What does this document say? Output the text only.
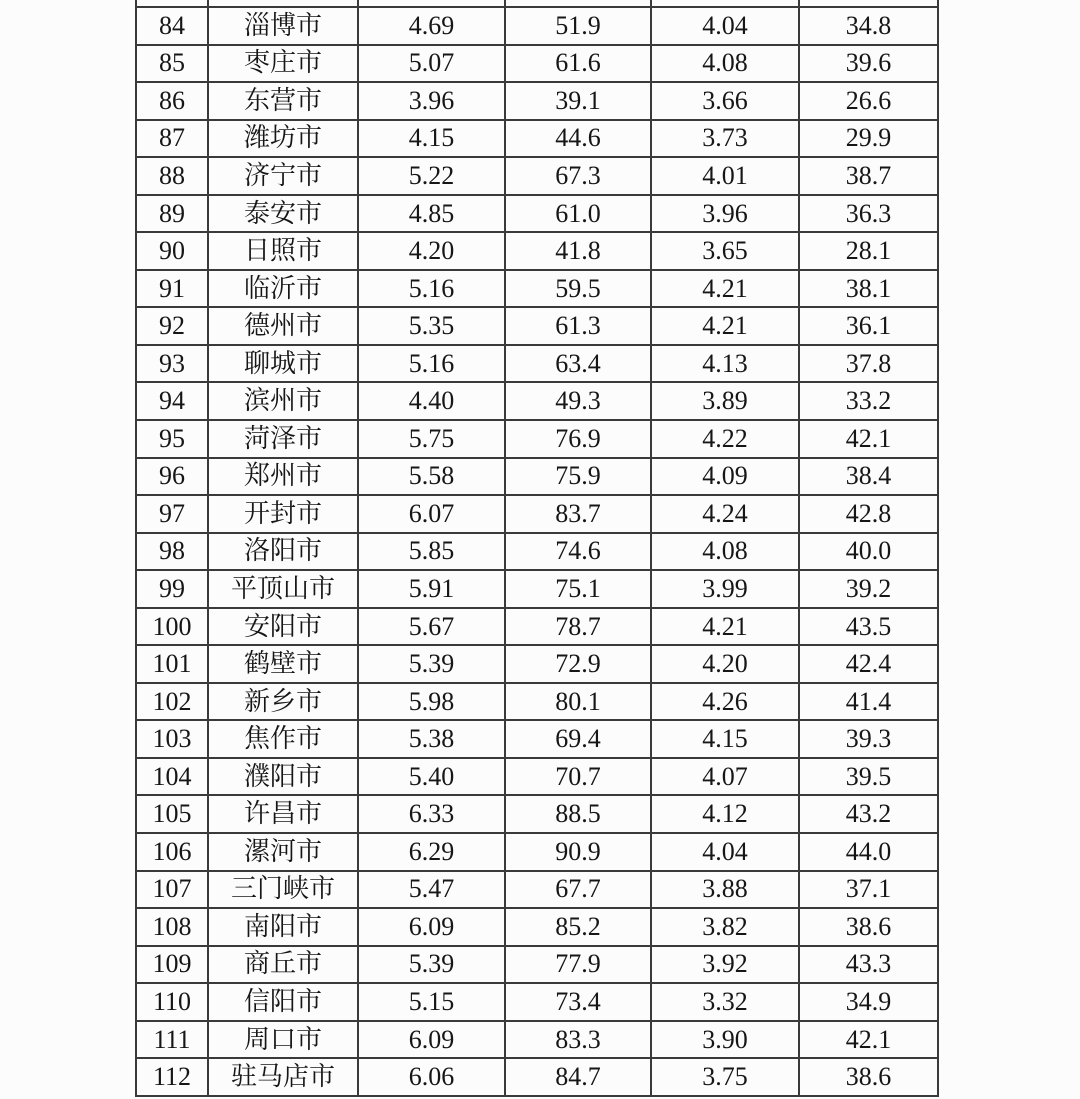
84	淄博市	4.69	51.9	4.04	34.8
85	枣庄市	5.07	61.6	4.08	39.6
86	东营市	3.96	39.1	3.66	26.6
87	潍坊市	4.15	44.6	3.73	29.9
88	济宁市	5.22	67.3	4.01	38.7
89	泰安市	4.85	61.0	3.96	36.3
90	日照市	4.20	41.8	3.65	28.1
91	临沂市	5.16	59.5	4.21	38.1
92	德州市	5.35	61.3	4.21	36.1
93	聊城市	5.16	63.4	4.13	37.8
94	滨州市	4.40	49.3	3.89	33.2
95	菏泽市	5.75	76.9	4.22	42.1
96	郑州市	5.58	75.9	4.09	38.4
97	开封市	6.07	83.7	4.24	42.8
98	洛阳市	5.85	74.6	4.08	40.0
99	平顶山市	5.91	75.1	3.99	39.2
100	安阳市	5.67	78.7	4.21	43.5
101	鹤壁市	5.39	72.9	4.20	42.4
102	新乡市	5.98	80.1	4.26	41.4
103	焦作市	5.38	69.4	4.15	39.3
104	濮阳市	5.40	70.7	4.07	39.5
105	许昌市	6.33	88.5	4.12	43.2
106	漯河市	6.29	90.9	4.04	44.0
107	三门峡市	5.47	67.7	3.88	37.1
108	南阳市	6.09	85.2	3.82	38.6
109	商丘市	5.39	77.9	3.92	43.3
110	信阳市	5.15	73.4	3.32	34.9
111	周口市	6.09	83.3	3.90	42.1
112	驻马店市	6.06	84.7	3.75	38.6
